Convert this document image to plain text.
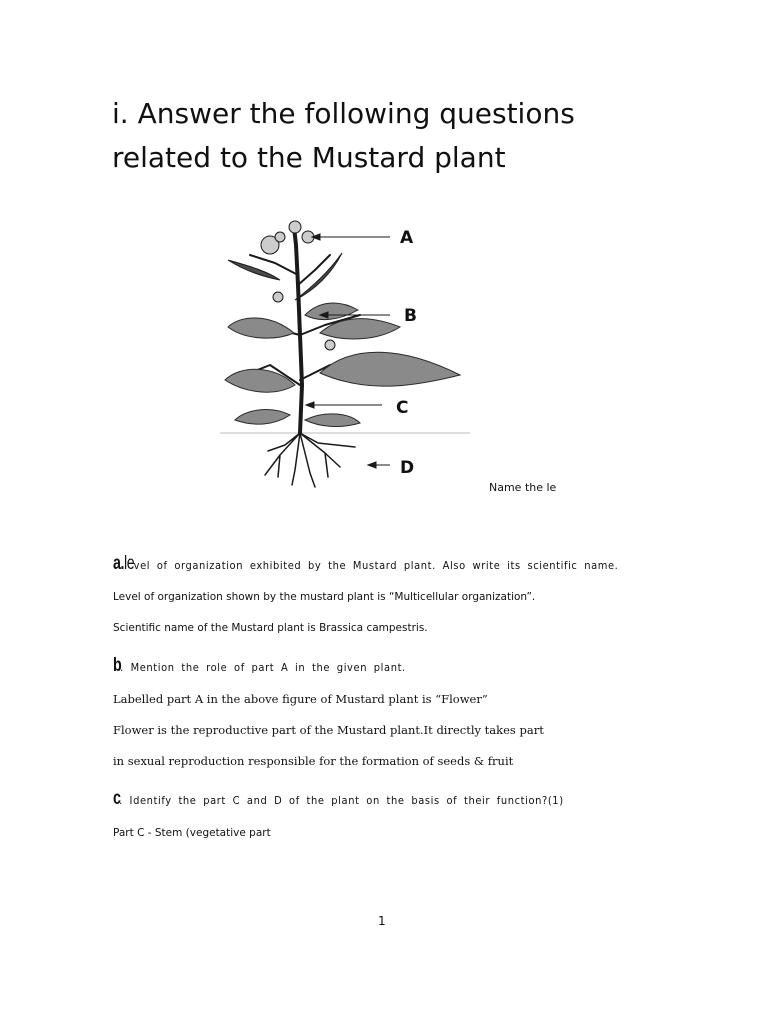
i. Answer the following questions related to the Mustard plant
A
B
C
D
Name the le
a.level of organization exhibited by the Mustard plant. Also write its scientific name.
Level of organization shown by the mustard plant is “Multicellular organization”.
Scientific name of the Mustard plant is Brassica campestris.
b. Mention the role of part A in the given plant.
Labelled part A in the above figure of Mustard plant is “Flower”
Flower is the reproductive part of the Mustard plant.It directly takes part
in sexual reproduction responsible for the formation of seeds & fruit
c. Identify the part C and D of the plant on the basis of their function?(1)
Part C - Stem (vegetative part
1
